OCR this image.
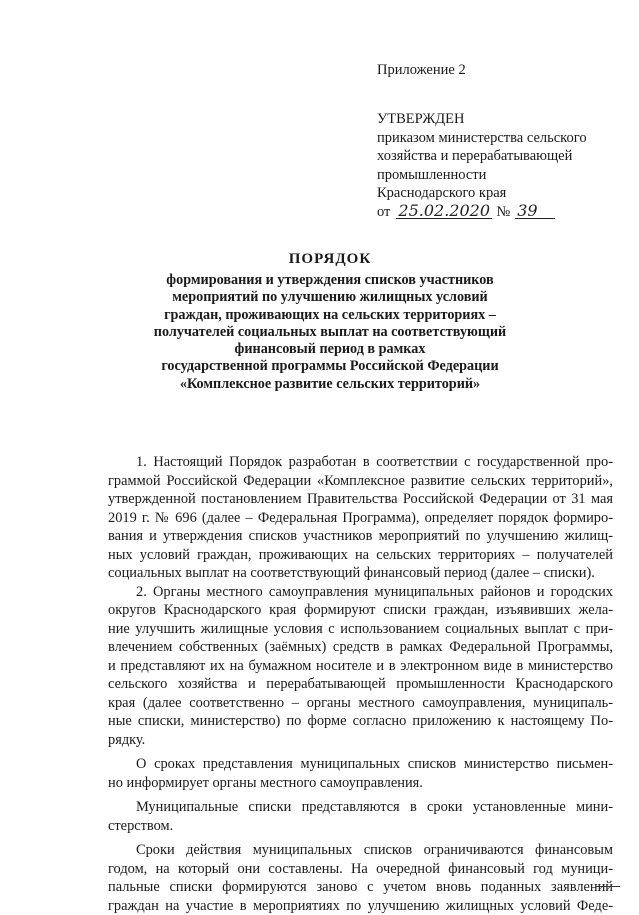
Приложение 2
УТВЕРЖДЕН
приказом министерства сельского
хозяйства и перерабатывающей
промышленности
Краснодарского края
от 25.02.2020 № 39
ПОРЯДОК
формирования и утверждения списков участников
мероприятий по улучшению жилищных условий
граждан, проживающих на сельских территориях –
получателей социальных выплат на соответствующий
финансовый период в рамках
государственной программы Российской Федерации
«Комплексное развитие сельских территорий»

1. Настоящий Порядок разработан в соответствии с государственной про-
граммой Российской Федерации «Комплексное развитие сельских территорий»,
утвержденной постановлением Правительства Российской Федерации от 31 мая
2019 г. № 696 (далее – Федеральная Программа), определяет порядок формиро-
вания и утверждения списков участников мероприятий по улучшению жилищ-
ных условий граждан, проживающих на сельских территориях – получателей
социальных выплат на соответствующий финансовый период (далее – списки).

2. Органы местного самоуправления муниципальных районов и городских
округов Краснодарского края формируют списки граждан, изъявивших жела-
ние улучшить жилищные условия с использованием социальных выплат с при-
влечением собственных (заёмных) средств в рамках Федеральной Программы,
и представляют их на бумажном носителе и в электронном виде в министерство
сельского хозяйства и перерабатывающей промышленности Краснодарского
края (далее соответственно – органы местного самоуправления, муниципаль-
ные списки, министерство) по форме согласно приложению к настоящему По-
рядку.

О сроках представления муниципальных списков министерство письмен-
но информирует органы местного самоуправления.

Муниципальные списки представляются в сроки установленные мини-
стерством.

Сроки действия муниципальных списков ограничиваются финансовым
годом, на который они составлены. На очередной финансовый год муници-
пальные списки формируются заново с учетом вновь поданных заявлений
граждан на участие в мероприятиях по улучшению жилищных условий Феде-
